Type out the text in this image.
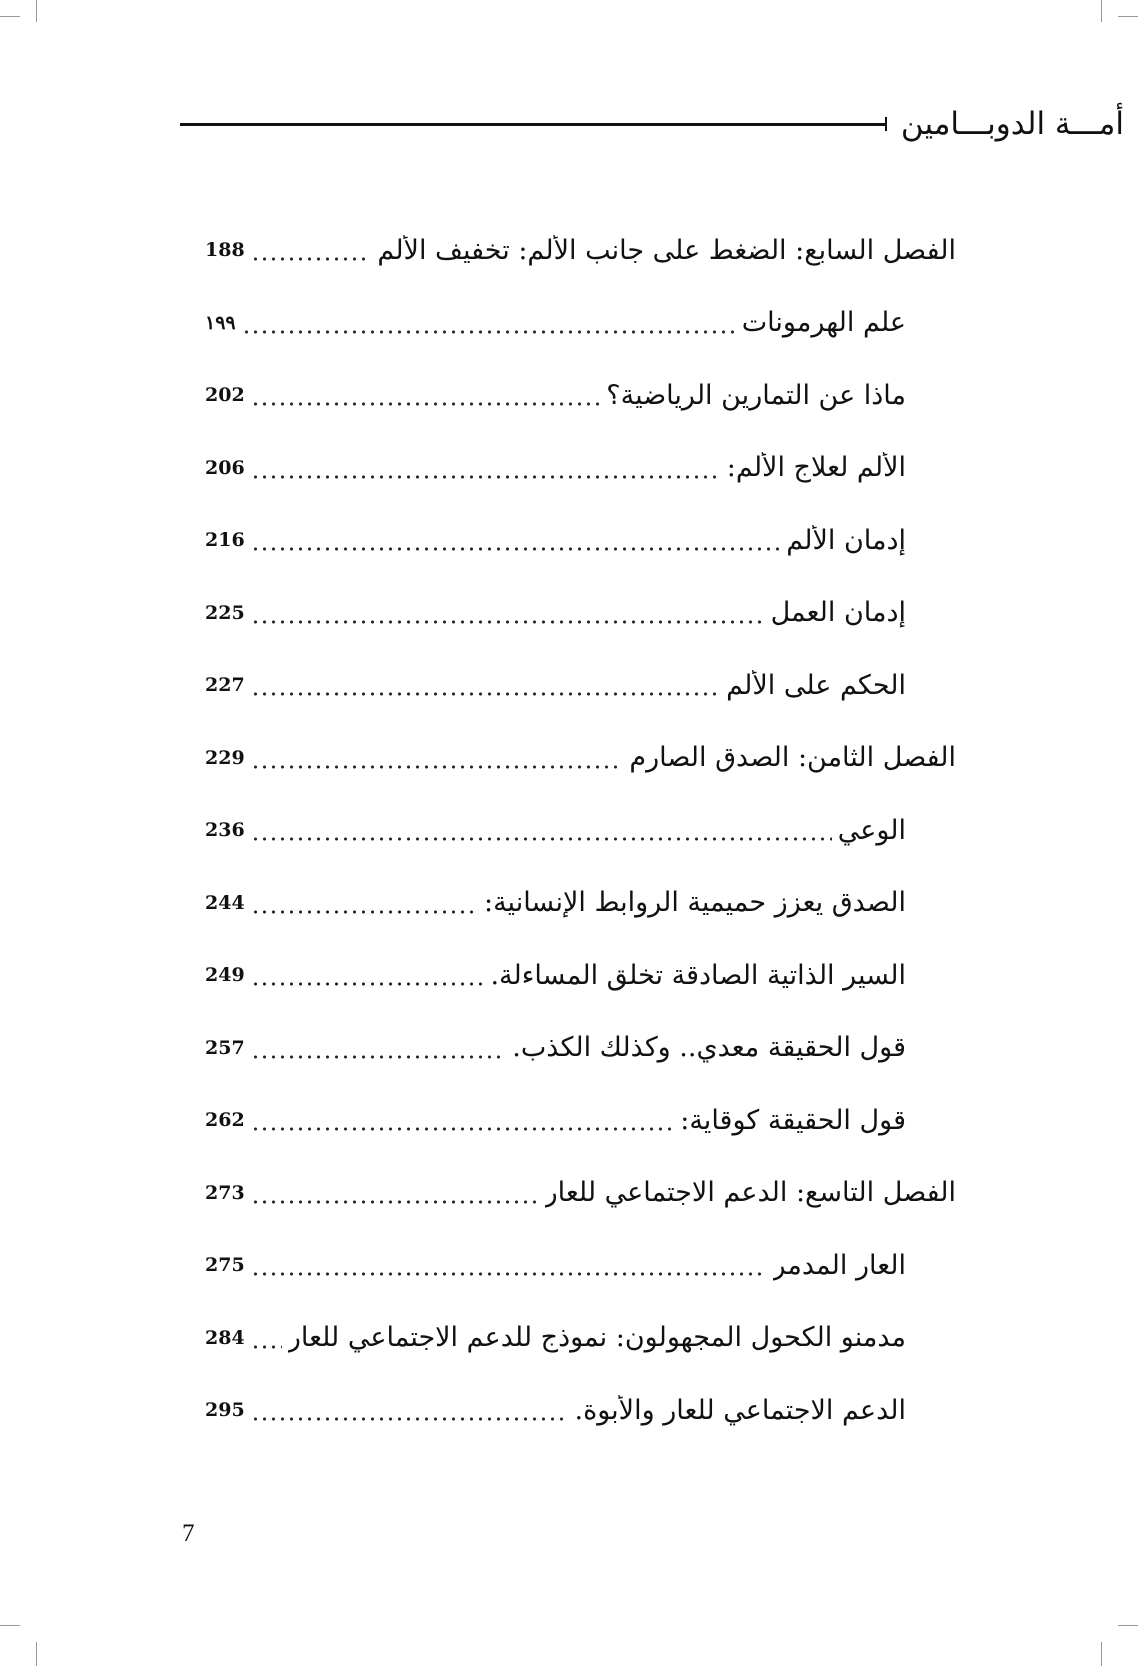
أمـــة الدوبـــامين
الفصل السابع: الضغط على جانب الألم: تخفيف الألم
188
علم الهرمونات
١٩٩
ماذا عن التمارين الرياضية؟
202
الألم لعلاج الألم:
206
إدمان الألم
216
إدمان العمل
225
الحكم على الألم
227
الفصل الثامن: الصدق الصارم
229
الوعي
236
الصدق يعزز حميمية الروابط الإنسانية:
244
السير الذاتية الصادقة تخلق المساءلة.
249
قول الحقيقة معدي.. وكذلك الكذب.
257
قول الحقيقة كوقاية:
262
الفصل التاسع: الدعم الاجتماعي للعار
273
العار المدمر
275
مدمنو الكحول المجهولون: نموذج للدعم الاجتماعي للعار
284
الدعم الاجتماعي للعار والأبوة.
295
7
